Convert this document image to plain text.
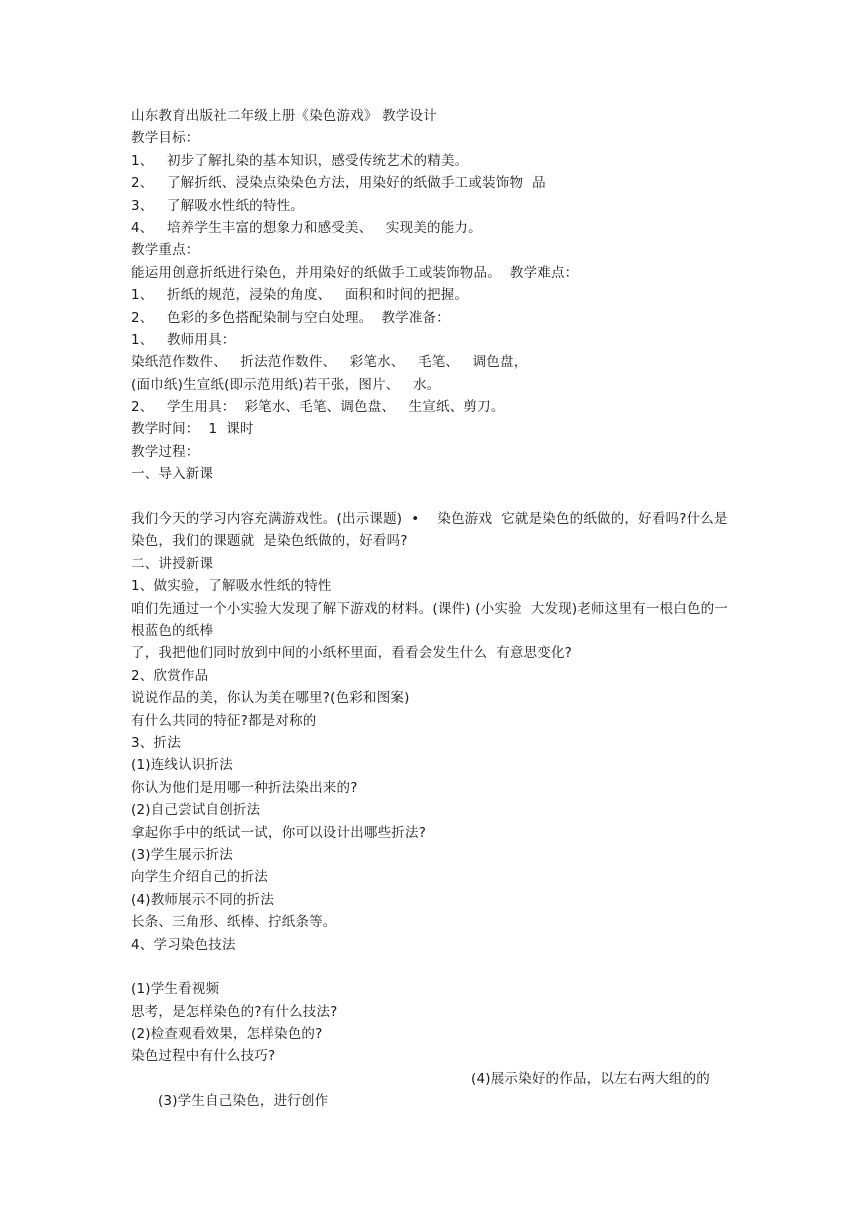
山东教育出版社二年级上册《染色游戏》 教学设计
教学目标：
1、   初步了解扎染的基本知识，感受传统艺术的精美。
2、   了解折纸、浸染点染染色方法，用染好的纸做手工或装饰物  品
3、   了解吸水性纸的特性。
4、   培养学生丰富的想象力和感受美、   实现美的能力。
教学重点：
能运用创意折纸进行染色，并用染好的纸做手工或装饰物品。  教学难点：
1、   折纸的规范，浸染的角度、   面积和时间的把握。
2、   色彩的多色搭配染制与空白处理。  教学准备：
1、   教师用具：
染纸范作数件、   折法范作数件、   彩笔水、   毛笔、   调色盘，
(面巾纸)生宣纸(即示范用纸)若干张，图片、   水。
2、   学生用具：  彩笔水、毛笔、调色盘、   生宣纸、剪刀。
教学时间：  1  课时
教学过程：
一、导入新课
我们今天的学习内容充满游戏性。(出示课题)  •    染色游戏  它就是染色的纸做的，好看吗?什么是染色，我们的课题就  是染色纸做的，好看吗?
二、讲授新课
1、做实验，了解吸水性纸的特性
咱们先通过一个小实验大发现了解下游戏的材料。(课件) (小实验  大发现)老师这里有一根白色的一根蓝色的纸棒
了，我把他们同时放到中间的小纸杯里面，看看会发生什么  有意思变化?
2、欣赏作品
说说作品的美，你认为美在哪里?(色彩和图案)
有什么共同的特征?都是对称的
3、折法
(1)连线认识折法
你认为他们是用哪一种折法染出来的?
(2)自己尝试自创折法
拿起你手中的纸试一试，你可以设计出哪些折法?
(3)学生展示折法
向学生介绍自己的折法
(4)教师展示不同的折法
长条、三角形、纸棒、拧纸条等。
4、学习染色技法
(1)学生看视频
思考，是怎样染色的?有什么技法?
(2)检查观看效果，怎样染色的?
染色过程中有什么技巧?

(3)学生自己染色，进行创作

(4)展示染好的作品，以左右两大组的的
